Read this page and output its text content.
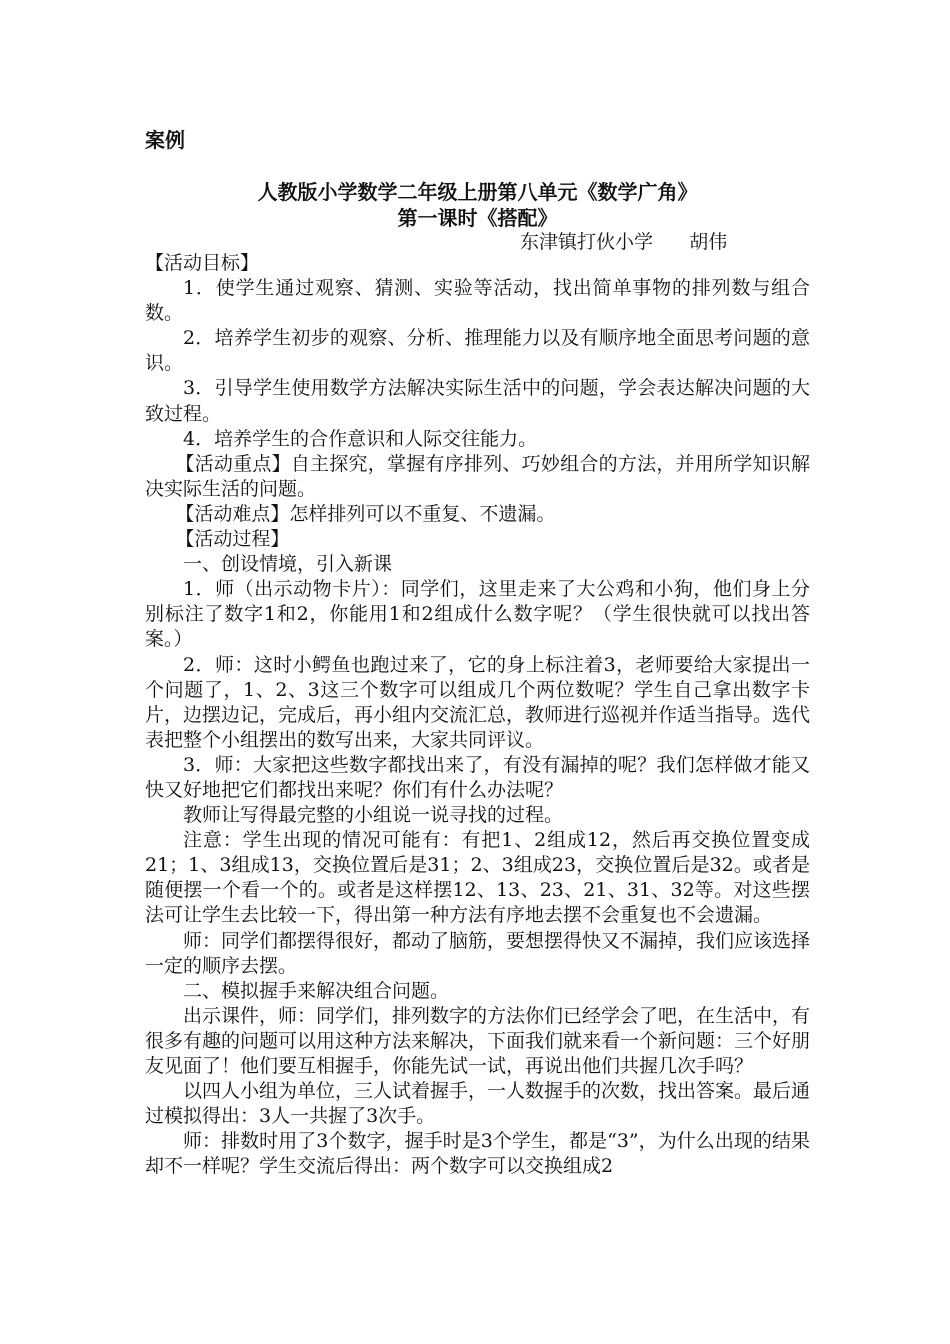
案例
人教版小学数学二年级上册第八单元《数学广角》
第一课时《搭配》
东津镇打伙小学      胡伟

【活动目标】

1．使学生通过观察、猜测、实验等活动，找出简单事物的排列数与组合数。

2．培养学生初步的观察、分析、推理能力以及有顺序地全面思考问题的意识。

3．引导学生使用数学方法解决实际生活中的问题，学会表达解决问题的大致过程。

4．培养学生的合作意识和人际交往能力。

【活动重点】自主探究，掌握有序排列、巧妙组合的方法，并用所学知识解决实际生活的问题。

【活动难点】怎样排列可以不重复、不遗漏。

【活动过程】

一、创设情境，引入新课

1．师（出示动物卡片）：同学们，这里走来了大公鸡和小狗，他们身上分别标注了数字1和2，你能用1和2组成什么数字呢？（学生很快就可以找出答案。）

2．师：这时小鳄鱼也跑过来了，它的身上标注着3，老师要给大家提出一个问题了，1、2、3这三个数字可以组成几个两位数呢？学生自己拿出数字卡片，边摆边记，完成后，再小组内交流汇总，教师进行巡视并作适当指导。选代表把整个小组摆出的数写出来，大家共同评议。

3．师：大家把这些数字都找出来了，有没有漏掉的呢？我们怎样做才能又快又好地把它们都找出来呢？你们有什么办法呢？

教师让写得最完整的小组说一说寻找的过程。

注意：学生出现的情况可能有：有把1、2组成12，然后再交换位置变成21；1、3组成13，交换位置后是31；2、3组成23，交换位置后是32。或者是随便摆一个看一个的。或者是这样摆12、13、23、21、31、32等。对这些摆法可让学生去比较一下，得出第一种方法有序地去摆不会重复也不会遗漏。

师：同学们都摆得很好，都动了脑筋，要想摆得快又不漏掉，我们应该选择一定的顺序去摆。

二、模拟握手来解决组合问题。

出示课件，师：同学们，排列数字的方法你们已经学会了吧，在生活中，有很多有趣的问题可以用这种方法来解决，下面我们就来看一个新问题：三个好朋友见面了！他们要互相握手，你能先试一试，再说出他们共握几次手吗？

以四人小组为单位，三人试着握手，一人数握手的次数，找出答案。最后通过模拟得出：3人一共握了3次手。

师：排数时用了3个数字，握手时是3个学生，都是“3”，为什么出现的结果却不一样呢？学生交流后得出：两个数字可以交换组成2
